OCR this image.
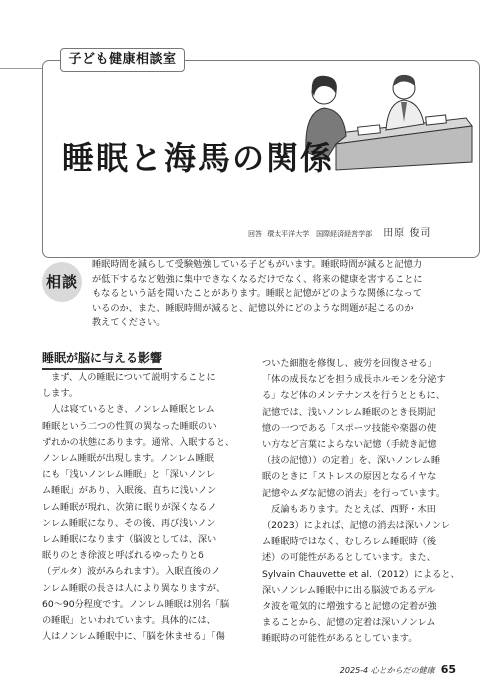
子ども健康相談室
睡眠と海馬の関係
回答 環太平洋大学　国際経済経営学部 田原 俊司
相談

睡眠時間を減らして受験勉強している子どもがいます。睡眠時間が減ると記憶力

が低下するなど勉強に集中できなくなるだけでなく、将来の健康を害することに

もなるという話を聞いたことがあります。睡眠と記憶がどのような関係になって

いるのか、また、睡眠時間が減ると、記憶以外にどのような問題が起こるのか

教えてください。

睡眠が脳に与える影響

　まず、人の睡眠について説明することに

します。

　人は寝ているとき、ノンレム睡眠とレム

睡眠という二つの性質の異なった睡眠のい

ずれかの状態にあります。通常、入眠すると、

ノンレム睡眠が出現します。ノンレム睡眠

にも「浅いノンレム睡眠」と「深いノンレ

ム睡眠」があり、入眠後、直ちに浅いノン

レム睡眠が現れ、次第に眠りが深くなるノ

ンレム睡眠になり、その後、再び浅いノン

レム睡眠になります（脳波としては、深い

眠りのとき徐波と呼ばれるゆったりとδ

（デルタ）波がみられます）。入眠直後のノ

ンレム睡眠の長さは人により異なりますが、

60～90分程度です。ノンレム睡眠は別名「脳

の睡眠」といわれています。具体的には、

人はノンレム睡眠中に、「脳を休ませる」「傷

ついた細胞を修復し、疲労を回復させる」

「体の成長などを担う成長ホルモンを分泌す

る」など体のメンテナンスを行うとともに、

記憶では、浅いノンレム睡眠のとき長期記

憶の一つである「スポーツ技能や楽器の使

い方など言葉によらない記憶（手続き記憶

（技の記憶））の定着」を、深いノンレム睡

眠のときに「ストレスの原因となるイヤな

記憶やムダな記憶の消去」を行っています。

　反論もあります。たとえば、西野・木田

（2023）によれば、記憶の消去は深いノンレ

ム睡眠時ではなく、むしろレム睡眠時（後

述）の可能性があるとしています。また、

Sylvain Chauvette et al.（2012）によると、

深いノンレム睡眠中に出る脳波であるデル

タ波を電気的に増強すると記憶の定着が強

まることから、記憶の定着は深いノンレム

睡眠時の可能性があるとしています。

2025-4 心とからだの健康 65
